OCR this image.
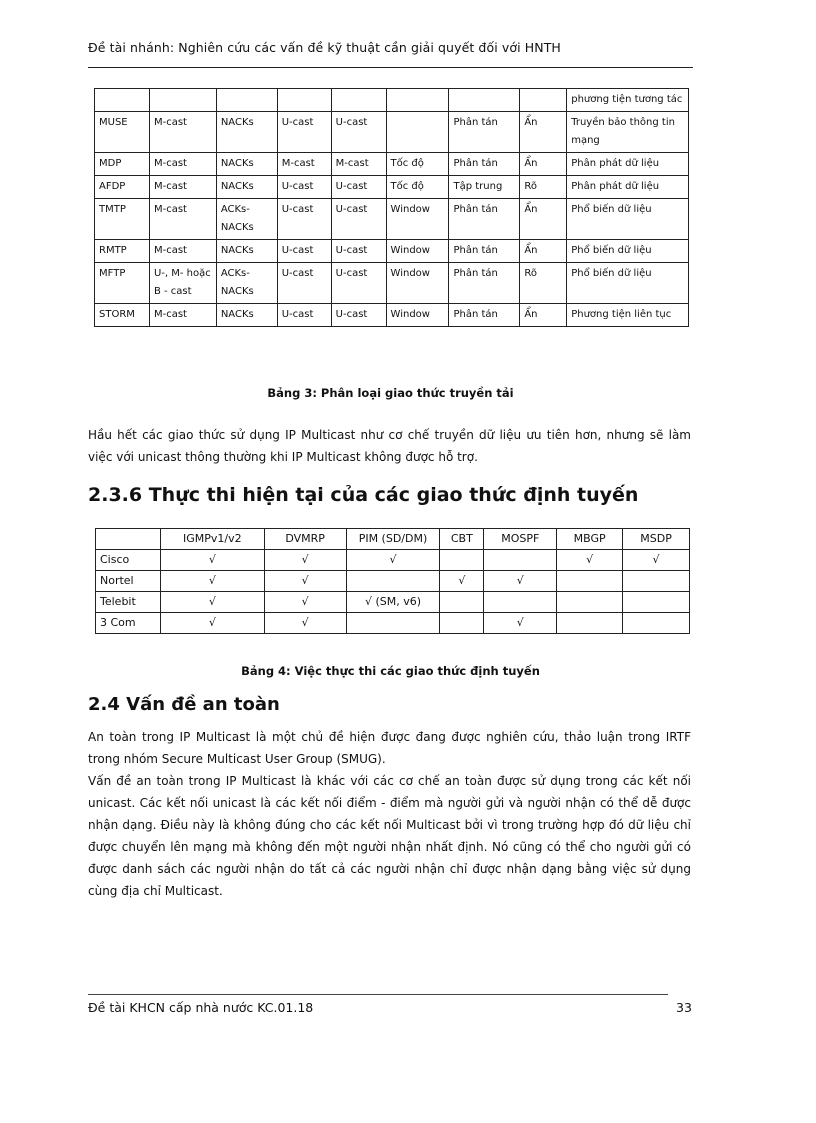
Đề tài nhánh: Nghiên cứu các vấn đề kỹ thuật cần giải quyết đối với HNTH
								phương tiện tương tác
MUSE	M-cast	NACKs	U-cast	U-cast		Phân tán	Ẩn	Truyền bảo thông tin mạng
MDP	M-cast	NACKs	M-cast	M-cast	Tốc độ	Phân tán	Ẩn	Phân phát dữ liệu
AFDP	M-cast	NACKs	U-cast	U-cast	Tốc độ	Tập trung	Rõ	Phân phát dữ liệu
TMTP	M-cast	ACKs-NACKs	U-cast	U-cast	Window	Phân tán	Ẩn	Phổ biến dữ liệu
RMTP	M-cast	NACKs	U-cast	U-cast	Window	Phân tán	Ẩn	Phổ biến dữ liệu
MFTP	U-, M- hoặc B - cast	ACKs-NACKs	U-cast	U-cast	Window	Phân tán	Rõ	Phổ biến dữ liệu
STORM	M-cast	NACKs	U-cast	U-cast	Window	Phân tán	Ẩn	Phương tiện liên tục
Bảng 3: Phân loại giao thức truyền tải

Hầu hết các giao thức sử dụng IP Multicast như cơ chế truyền dữ liệu ưu tiên hơn, nhưng sẽ làm việc với unicast thông thường khi IP Multicast không được hỗ trợ.

2.3.6 Thực thi hiện tại của các giao thức định tuyến
	IGMPv1/v2	DVMRP	PIM (SD/DM)	CBT	MOSPF	MBGP	MSDP
Cisco	√	√	√			√	√
Nortel	√	√		√	√		
Telebit	√	√	√ (SM, v6)				
3 Com	√	√			√		
Bảng 4: Việc thực thi các giao thức định tuyến
2.4 Vấn đề an toàn

An toàn trong IP Multicast là một chủ đề hiện được đang được nghiên cứu, thảo luận trong IRTF trong nhóm Secure Multicast User Group (SMUG).

Vấn đề an toàn trong IP Multicast là khác với các cơ chế an toàn được sử dụng trong các kết nối unicast. Các kết nối unicast là các kết nối điểm - điểm mà người gửi và người nhận có thể dễ được nhận dạng. Điều này là không đúng cho các kết nối Multicast bởi vì trong trường hợp đó dữ liệu chỉ được chuyển lên mạng mà không đến một người nhận nhất định. Nó cũng có thể cho người gửi có được danh sách các người nhận do tất cả các người nhận chỉ được nhận dạng bằng việc sử dụng cùng địa chỉ Multicast.

Đề tài KHCN cấp nhà nước KC.01.18	33
